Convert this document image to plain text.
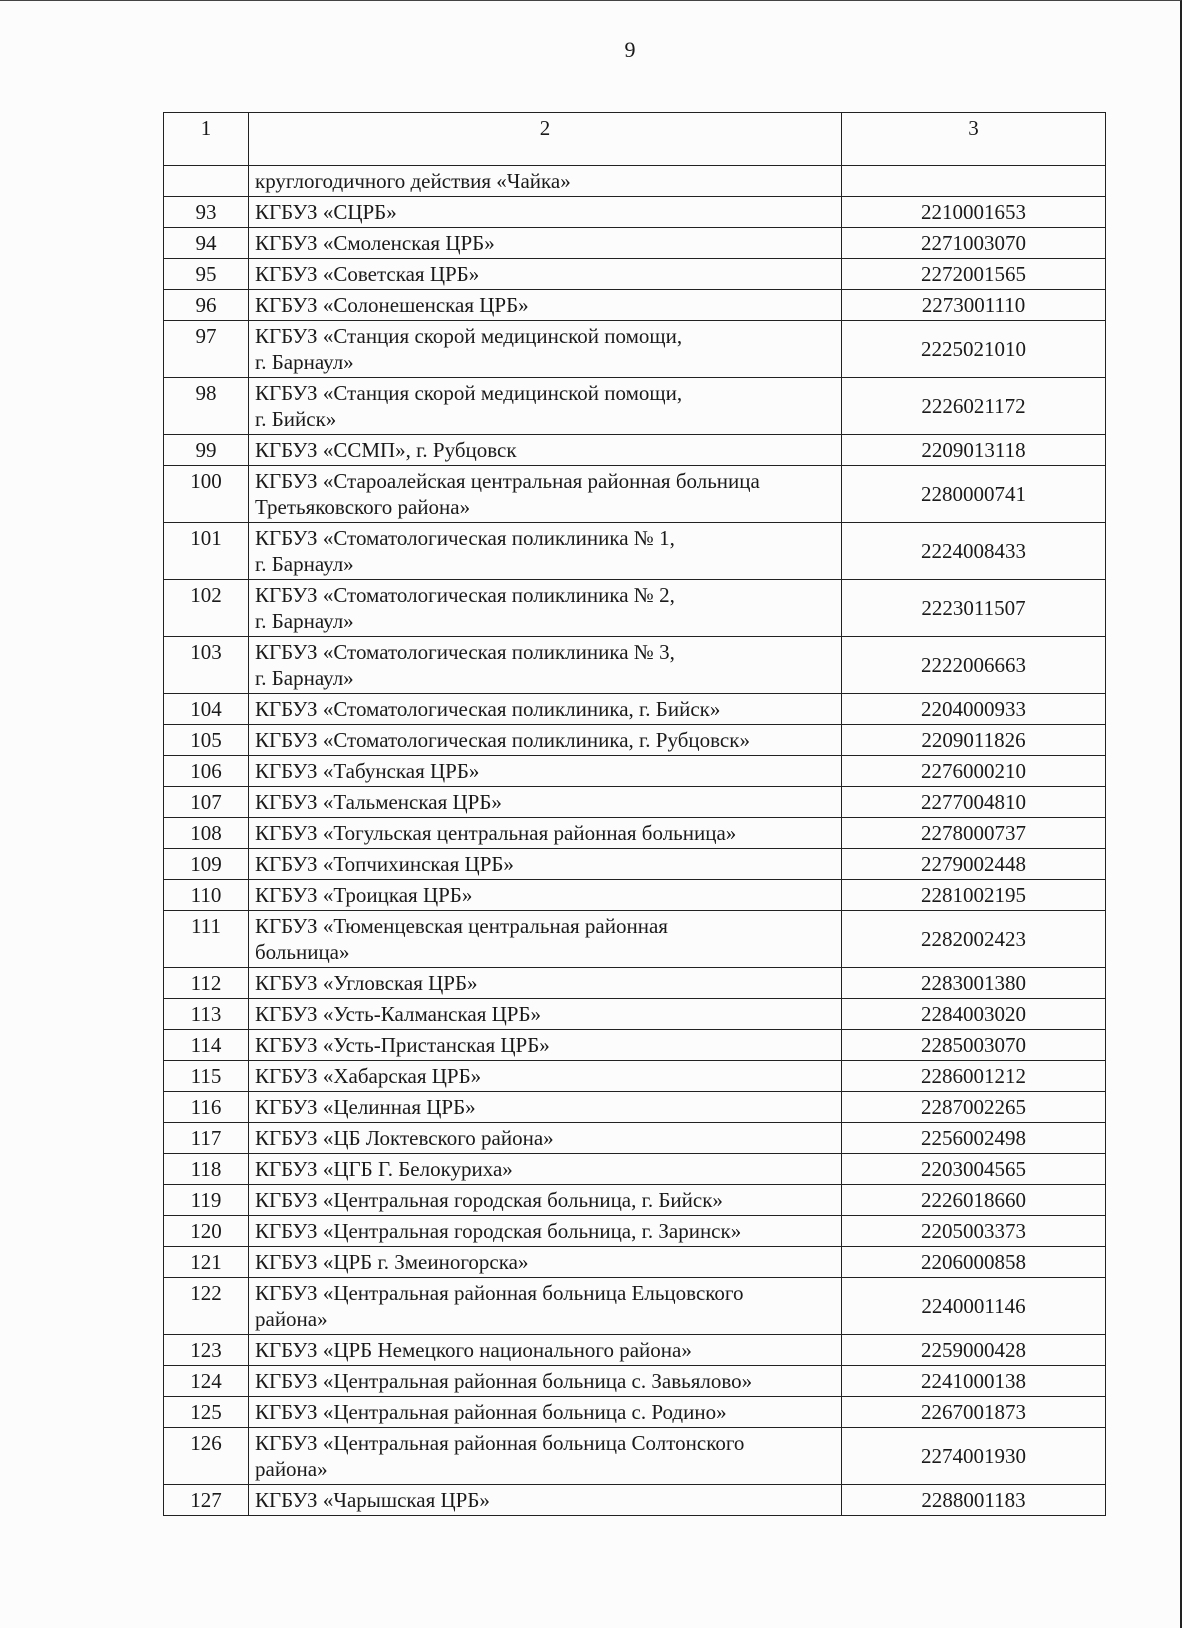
9
1	2	3
	круглогодичного действия «Чайка»	
93	КГБУЗ «СЦРБ»	2210001653
94	КГБУЗ «Смоленская ЦРБ»	2271003070
95	КГБУЗ «Советская ЦРБ»	2272001565
96	КГБУЗ «Солонешенская ЦРБ»	2273001110
97	КГБУЗ «Станция скорой медицинской помощи,
г. Барнаул»	2225021010
98	КГБУЗ «Станция скорой медицинской помощи,
г. Бийск»	2226021172
99	КГБУЗ «ССМП», г. Рубцовск	2209013118
100	КГБУЗ «Староалейская центральная районная больница
Третьяковского района»	2280000741
101	КГБУЗ «Стоматологическая поликлиника № 1,
г. Барнаул»	2224008433
102	КГБУЗ «Стоматологическая поликлиника № 2,
г. Барнаул»	2223011507
103	КГБУЗ «Стоматологическая поликлиника № 3,
г. Барнаул»	2222006663
104	КГБУЗ «Стоматологическая поликлиника, г. Бийск»	2204000933
105	КГБУЗ «Стоматологическая поликлиника, г. Рубцовск»	2209011826
106	КГБУЗ «Табунская ЦРБ»	2276000210
107	КГБУЗ «Тальменская ЦРБ»	2277004810
108	КГБУЗ «Тогульская центральная районная больница»	2278000737
109	КГБУЗ «Топчихинская ЦРБ»	2279002448
110	КГБУЗ «Троицкая ЦРБ»	2281002195
111	КГБУЗ «Тюменцевская центральная районная
больница»	2282002423
112	КГБУЗ «Угловская ЦРБ»	2283001380
113	КГБУЗ «Усть-Калманская ЦРБ»	2284003020
114	КГБУЗ «Усть-Пристанская ЦРБ»	2285003070
115	КГБУЗ «Хабарская ЦРБ»	2286001212
116	КГБУЗ «Целинная ЦРБ»	2287002265
117	КГБУЗ «ЦБ Локтевского района»	2256002498
118	КГБУЗ «ЦГБ Г. Белокуриха»	2203004565
119	КГБУЗ «Центральная городская больница, г. Бийск»	2226018660
120	КГБУЗ «Центральная городская больница, г. Заринск»	2205003373
121	КГБУЗ «ЦРБ г. Змеиногорска»	2206000858
122	КГБУЗ «Центральная районная больница Ельцовского
района»	2240001146
123	КГБУЗ «ЦРБ Немецкого национального района»	2259000428
124	КГБУЗ «Центральная районная больница с. Завьялово»	2241000138
125	КГБУЗ «Центральная районная больница с. Родино»	2267001873
126	КГБУЗ «Центральная районная больница Солтонского
района»	2274001930
127	КГБУЗ «Чарышская ЦРБ»	2288001183
